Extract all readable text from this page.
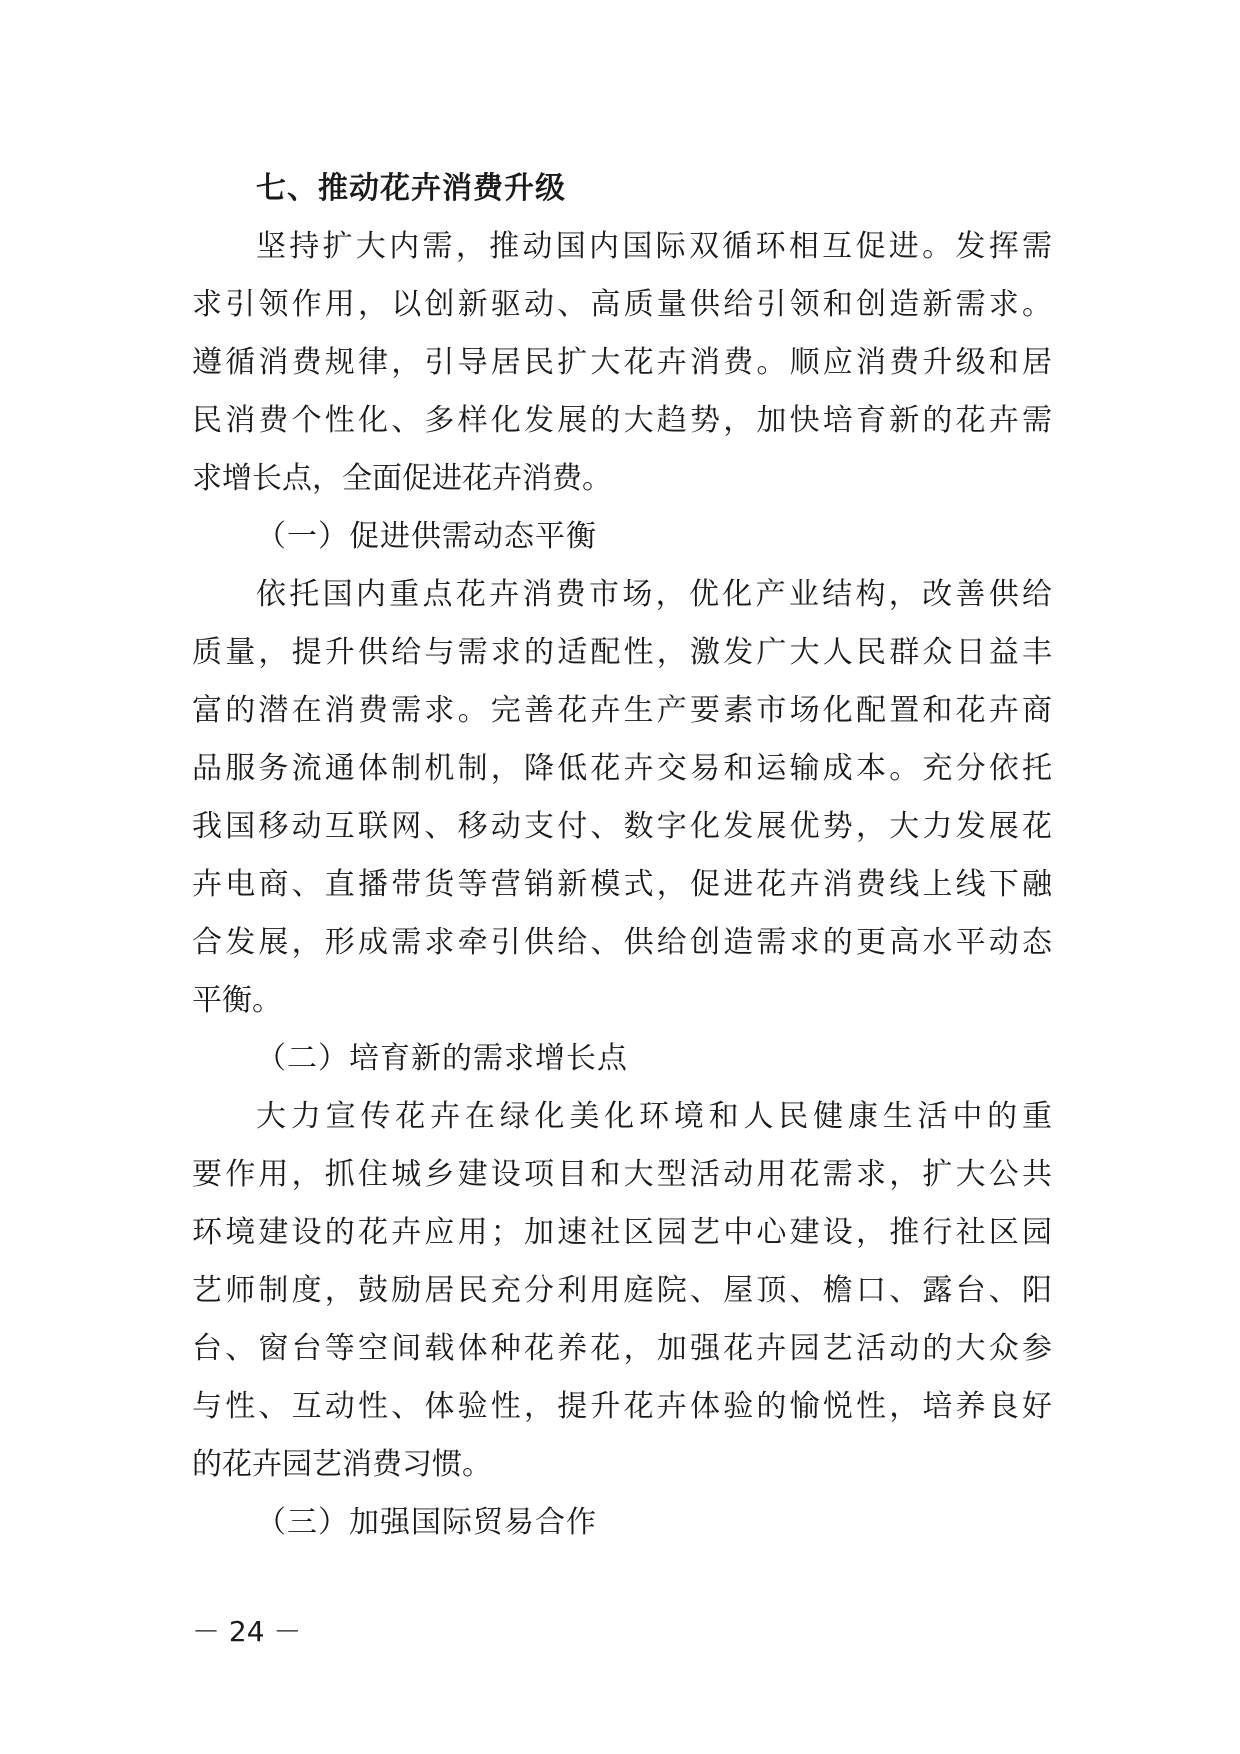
七、推动花卉消费升级
坚持扩大内需，推动国内国际双循环相互促进。发挥需
求引领作用，以创新驱动、高质量供给引领和创造新需求。
遵循消费规律，引导居民扩大花卉消费。顺应消费升级和居
民消费个性化、多样化发展的大趋势，加快培育新的花卉需
求增长点，全面促进花卉消费。
（一）促进供需动态平衡
依托国内重点花卉消费市场，优化产业结构，改善供给
质量，提升供给与需求的适配性，激发广大人民群众日益丰
富的潜在消费需求。完善花卉生产要素市场化配置和花卉商
品服务流通体制机制，降低花卉交易和运输成本。充分依托
我国移动互联网、移动支付、数字化发展优势，大力发展花
卉电商、直播带货等营销新模式，促进花卉消费线上线下融
合发展，形成需求牵引供给、供给创造需求的更高水平动态
平衡。
（二）培育新的需求增长点
大力宣传花卉在绿化美化环境和人民健康生活中的重
要作用，抓住城乡建设项目和大型活动用花需求，扩大公共
环境建设的花卉应用；加速社区园艺中心建设，推行社区园
艺师制度，鼓励居民充分利用庭院、屋顶、檐口、露台、阳
台、窗台等空间载体种花养花，加强花卉园艺活动的大众参
与性、互动性、体验性，提升花卉体验的愉悦性，培养良好
的花卉园艺消费习惯。
（三）加强国际贸易合作
－ 24 －
